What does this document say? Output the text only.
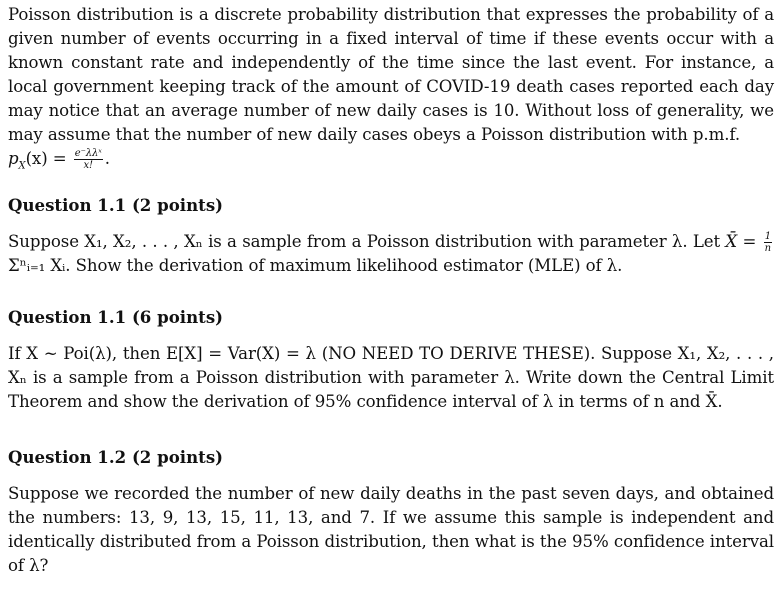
Poisson distribution is a discrete probability distribution that expresses the probability of a given number of events occurring in a fixed interval of time if these events occur with a known constant rate and independently of the time since the last event. For instance, a local government keeping track of the amount of COVID-19 death cases reported each day may notice that an average number of new daily cases is 10. Without loss of generality, we may assume that the number of new daily cases obeys a Poisson distribution with p.m.f.
$p_X(x) = \frac{\text{e⁻λλˣ}}{x!}$ .

Question 1.1 (2 points)

Suppose X₁, X₂, . . . , Xₙ is a sample from a Poisson distribution with parameter λ. Let X̄ = $\frac{1}{n}$
Σⁿᵢ₌₁ Xᵢ. Show the derivation of maximum likelihood estimator (MLE) of λ.

Question 1.1 (6 points)

If X ~ Poi(λ), then E[X] = Var(X) = λ (NO NEED TO DERIVE THESE). Suppose X₁, X₂, . . . , Xₙ is a sample from a Poisson distribution with parameter λ. Write down the Central Limit Theorem and show the derivation of 95% confidence interval of λ in terms of n and X̄.

Question 1.2 (2 points)

Suppose we recorded the number of new daily deaths in the past seven days, and obtained the numbers: 13, 9, 13, 15, 11, 13, and 7. If we assume this sample is independent and identically distributed from a Poisson distribution, then what is the 95% confidence interval of λ?
